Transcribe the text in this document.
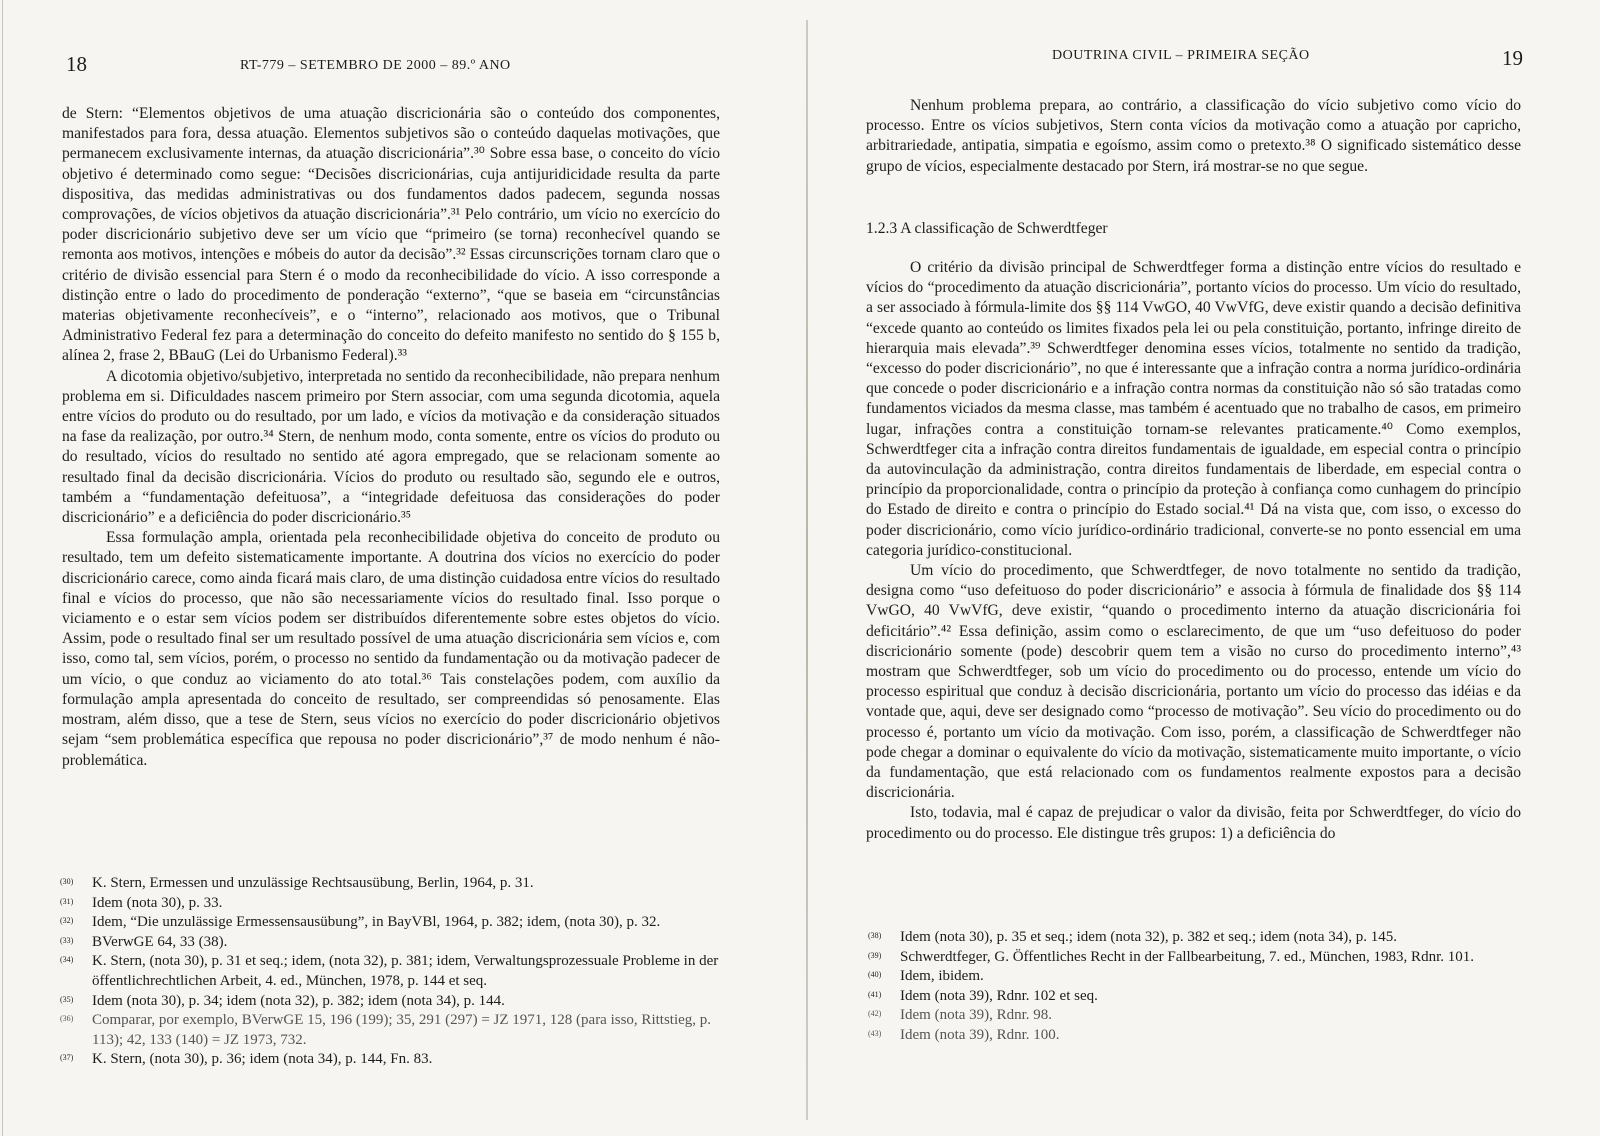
18	RT-779 – SETEMBRO DE 2000 – 89.º ANO

de Stern: “Elementos objetivos de uma atuação discricionária são o conteúdo dos componentes, manifestados para fora, dessa atuação. Elementos subjetivos são o conteúdo daquelas motivações, que permanecem exclusivamente internas, da atuação discricionária”.³⁰ Sobre essa base, o conceito do vício objetivo é determinado como segue: “Decisões discricionárias, cuja antijuridicidade resulta da parte dispositiva, das medidas administrativas ou dos fundamentos dados padecem, segunda nossas comprovações, de vícios objetivos da atuação discricionária”.³¹ Pelo contrário, um vício no exercício do poder discricionário subjetivo deve ser um vício que “primeiro (se torna) reconhecível quando se remonta aos motivos, intenções e móbeis do autor da decisão”.³² Essas circunscrições tornam claro que o critério de divisão essencial para Stern é o modo da reconhecibilidade do vício. A isso corresponde a distinção entre o lado do procedimento de ponderação “externo”, “que se baseia em “circunstâncias materias objetivamente reconhecíveis”, e o “interno”, relacionado aos motivos, que o Tribunal Administrativo Federal fez para a determinação do conceito do defeito manifesto no sentido do § 155 b, alínea 2, frase 2, BBauG (Lei do Urbanismo Federal).³³

A dicotomia objetivo/subjetivo, interpretada no sentido da reconhecibilidade, não prepara nenhum problema em si. Dificuldades nascem primeiro por Stern associar, com uma segunda dicotomia, aquela entre vícios do produto ou do resultado, por um lado, e vícios da motivação e da consideração situados na fase da realização, por outro.³⁴ Stern, de nenhum modo, conta somente, entre os vícios do produto ou do resultado, vícios do resultado no sentido até agora empregado, que se relacionam somente ao resultado final da decisão discricionária. Vícios do produto ou resultado são, segundo ele e outros, também a “fundamentação defeituosa”, a “integridade defeituosa das considerações do poder discricionário” e a deficiência do poder discricionário.³⁵

Essa formulação ampla, orientada pela reconhecibilidade objetiva do conceito de produto ou resultado, tem um defeito sistematicamente importante. A doutrina dos vícios no exercício do poder discricionário carece, como ainda ficará mais claro, de uma distinção cuidadosa entre vícios do resultado final e vícios do processo, que não são necessariamente vícios do resultado final. Isso porque o viciamento e o estar sem vícios podem ser distribuídos diferentemente sobre estes objetos do vício. Assim, pode o resultado final ser um resultado possível de uma atuação discricionária sem vícios e, com isso, como tal, sem vícios, porém, o processo no sentido da fundamentação ou da motivação padecer de um vício, o que conduz ao viciamento do ato total.³⁶ Tais constelações podem, com auxílio da formulação ampla apresentada do conceito de resultado, ser compreendidas só penosamente. Elas mostram, além disso, que a tese de Stern, seus vícios no exercício do poder discricionário objetivos sejam “sem problemática específica que repousa no poder discricionário”,³⁷ de modo nenhum é não-problemática.

(30) K. Stern, Ermessen und unzulässige Rechtsausübung, Berlin, 1964, p. 31.
(31) Idem (nota 30), p. 33.
(32) Idem, “Die unzulässige Ermessensausübung”, in BayVBl, 1964, p. 382; idem, (nota 30), p. 32.
(33) BVerwGE 64, 33 (38).
(34) K. Stern, (nota 30), p. 31 et seq.; idem, (nota 32), p. 381; idem, Verwaltungsprozessuale Probleme in der öffentlichrechtlichen Arbeit, 4. ed., München, 1978, p. 144 et seq.
(35) Idem (nota 30), p. 34; idem (nota 32), p. 382; idem (nota 34), p. 144.
(36) Comparar, por exemplo, BVerwGE 15, 196 (199); 35, 291 (297) = JZ 1971, 128 (para isso, Rittstieg, p. 113); 42, 133 (140) = JZ 1973, 732.
(37) K. Stern, (nota 30), p. 36; idem (nota 34), p. 144, Fn. 83.
DOUTRINA CIVIL – PRIMEIRA SEÇÃO	19

Nenhum problema prepara, ao contrário, a classificação do vício subjetivo como vício do processo. Entre os vícios subjetivos, Stern conta vícios da motivação como a atuação por capricho, arbitrariedade, antipatia, simpatia e egoísmo, assim como o pretexto.³⁸ O significado sistemático desse grupo de vícios, especialmente destacado por Stern, irá mostrar-se no que segue.

1.2.3 A classificação de Schwerdtfeger

O critério da divisão principal de Schwerdtfeger forma a distinção entre vícios do resultado e vícios do “procedimento da atuação discricionária”, portanto vícios do processo. Um vício do resultado, a ser associado à fórmula-limite dos §§ 114 VwGO, 40 VwVfG, deve existir quando a decisão definitiva “excede quanto ao conteúdo os limites fixados pela lei ou pela constituição, portanto, infringe direito de hierarquia mais elevada”.³⁹ Schwerdtfeger denomina esses vícios, totalmente no sentido da tradição, “excesso do poder discricionário”, no que é interessante que a infração contra a norma jurídico-ordinária que concede o poder discricionário e a infração contra normas da constituição não só são tratadas como fundamentos viciados da mesma classe, mas também é acentuado que no trabalho de casos, em primeiro lugar, infrações contra a constituição tornam-se relevantes praticamente.⁴⁰ Como exemplos, Schwerdtfeger cita a infração contra direitos fundamentais de igualdade, em especial contra o princípio da autovinculação da administração, contra direitos fundamentais de liberdade, em especial contra o princípio da proporcionalidade, contra o princípio da proteção à confiança como cunhagem do princípio do Estado de direito e contra o princípio do Estado social.⁴¹ Dá na vista que, com isso, o excesso do poder discricionário, como vício jurídico-ordinário tradicional, converte-se no ponto essencial em uma categoria jurídico-constitucional.

Um vício do procedimento, que Schwerdtfeger, de novo totalmente no sentido da tradição, designa como “uso defeituoso do poder discricionário” e associa à fórmula de finalidade dos §§ 114 VwGO, 40 VwVfG, deve existir, “quando o procedimento interno da atuação discricionária foi deficitário”.⁴² Essa definição, assim como o esclarecimento, de que um “uso defeituoso do poder discricionário somente (pode) descobrir quem tem a visão no curso do procedimento interno”,⁴³ mostram que Schwerdtfeger, sob um vício do procedimento ou do processo, entende um vício do processo espiritual que conduz à decisão discricionária, portanto um vício do processo das idéias e da vontade que, aqui, deve ser designado como “processo de motivação”. Seu vício do procedimento ou do processo é, portanto um vício da motivação. Com isso, porém, a classificação de Schwerdtfeger não pode chegar a dominar o equivalente do vício da motivação, sistematicamente muito importante, o vício da fundamentação, que está relacionado com os fundamentos realmente expostos para a decisão discricionária.

Isto, todavia, mal é capaz de prejudicar o valor da divisão, feita por Schwerdtfeger, do vício do procedimento ou do processo. Ele distingue três grupos: 1) a deficiência do

(38) Idem (nota 30), p. 35 et seq.; idem (nota 32), p. 382 et seq.; idem (nota 34), p. 145.
(39) Schwerdtfeger, G. Öffentliches Recht in der Fallbearbeitung, 7. ed., München, 1983, Rdnr. 101.
(40) Idem, ibidem.
(41) Idem (nota 39), Rdnr. 102 et seq.
(42) Idem (nota 39), Rdnr. 98.
(43) Idem (nota 39), Rdnr. 100.
